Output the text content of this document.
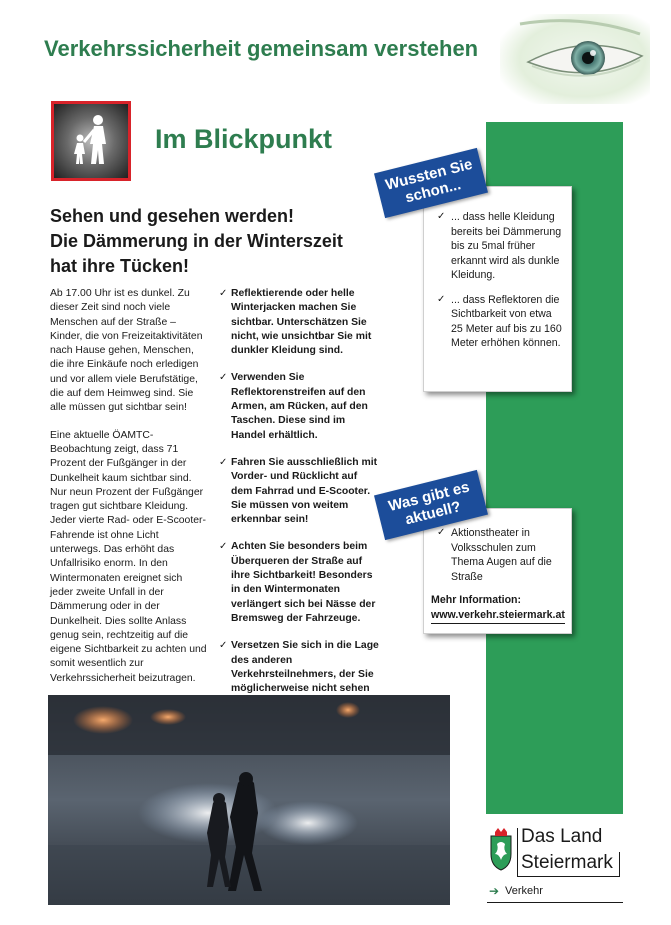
Verkehrssicherheit gemeinsam verstehen
Im Blickpunkt
Sehen und gesehen werden!
Die Dämmerung in der Winterszeit
hat ihre Tücken!

Ab 17.00 Uhr ist es dunkel. Zu dieser Zeit sind noch viele Menschen auf der Straße – Kinder, die von Freizeitaktivitäten nach Hause gehen, Menschen, die ihre Einkäufe noch erledigen und vor allem viele Berufstätige, die auf dem Heimweg sind. Sie alle müssen gut sichtbar sein!

Eine aktuelle ÖAMTC-Beobachtung zeigt, dass 71 Prozent der Fußgänger in der Dunkelheit kaum sichtbar sind. Nur neun Prozent der Fußgänger tragen gut sichtbare Kleidung. Jeder vierte Rad- oder E-Scooter-Fahrende ist ohne Licht unterwegs. Das erhöht das Unfallrisiko enorm. In den Wintermonaten ereignet sich jeder zweite Unfall in der Dämmerung oder in der Dunkelheit. Dies sollte Anlass genug sein, rechtzeitig auf die eigene Sichtbarkeit zu achten und somit wesentlich zur Verkehrssicherheit beizutragen.

✓ Reflektierende oder helle Winterjacken machen Sie sichtbar. Unterschätzen Sie nicht, wie unsichtbar Sie mit dunkler Kleidung sind.
✓ Verwenden Sie Reflektorenstreifen auf den Armen, am Rücken, auf den Taschen. Diese sind im Handel erhältlich.
✓ Fahren Sie ausschließlich mit Vorder- und Rücklicht auf dem Fahrrad und E-Scooter. Sie müssen von weitem erkennbar sein!
✓ Achten Sie besonders beim Überqueren der Straße auf ihre Sichtbarkeit! Besonders in den Wintermonaten verlängert sich bei Nässe der Bremsweg der Fahrzeuge.
✓ Versetzen Sie sich in die Lage des anderen Verkehrsteilnehmers, der Sie möglicherweise nicht sehen
✓ ... dass helle Kleidung bereits bei Dämmerung bis zu 5mal früher erkannt wird als dunkle Kleidung.
✓ ... dass Reflektoren die Sichtbarkeit von etwa 25 Meter auf bis zu 160 Meter erhöhen können.
Wussten Sie schon...
✓ Aktionstheater in Volksschulen zum Thema Augen auf die Straße
Mehr Information:
www.verkehr.steiermark.at
Was gibt es aktuell?
Das Land
Steiermark
➔ Verkehr
